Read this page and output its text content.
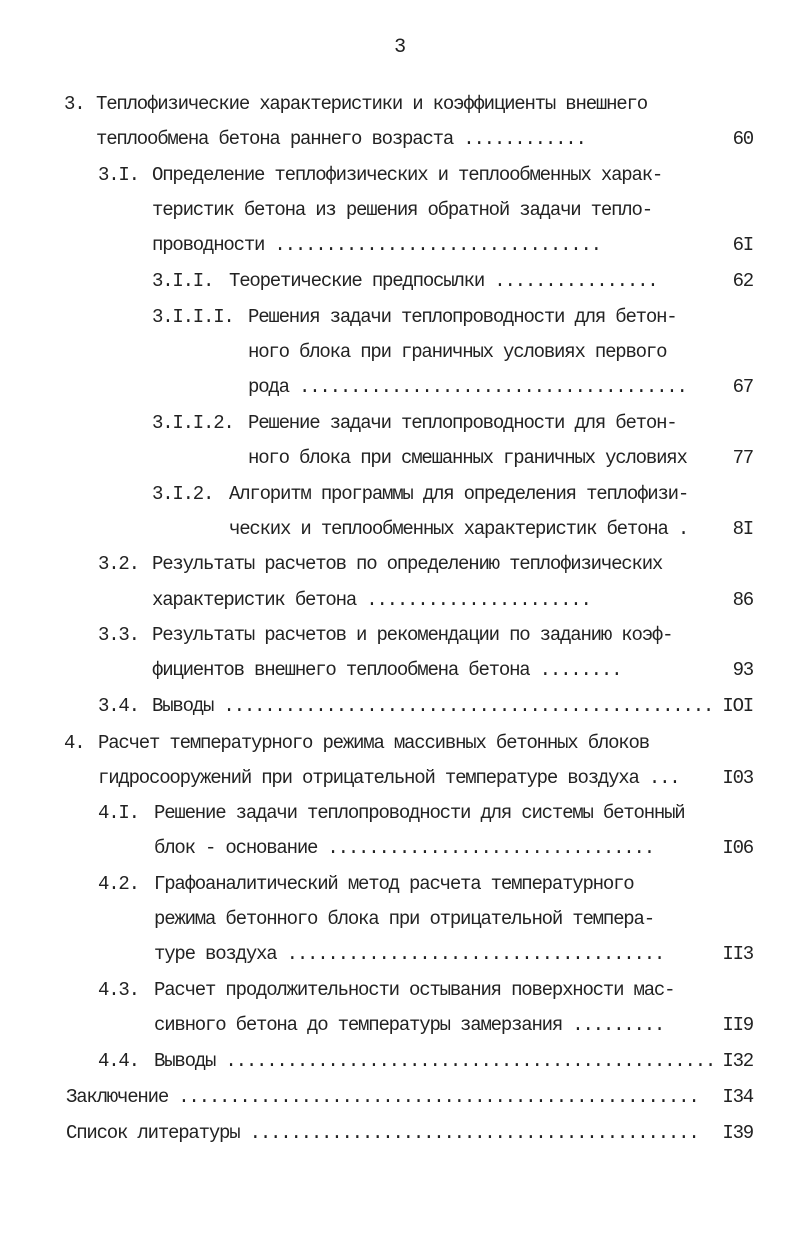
3
3. Теплофизические характеристики и коэффициенты внешнего
теплообмена бетона раннего возраста ............	60
3.I. Определение теплофизических и теплообменных харак-
теристик бетона из решения обратной задачи тепло-
проводности ................................	6I
3.I.I. Теоретические предпосылки ................	62
3.I.I.I. Решения задачи теплопроводности для бетон-
ного блока при граничных условиях первого
рода ...................................... 67
3.I.I.2. Решение задачи теплопроводности для бетон-
ного блока при смешанных граничных условиях 77
3.I.2. Алгоритм программы для определения теплофизи-
ческих и теплообменных характеристик бетона . 8I
3.2. Результаты расчетов по определению теплофизических
характеристик бетона ......................	86
3.3. Результаты расчетов и рекомендации по заданию коэф-
фициентов внешнего теплообмена бетона ........	93
3.4. Выводы ................................................ IOI
4. Расчет температурного режима массивных бетонных блоков
гидросооружений при отрицательной температуре воздуха ... I03
4.I. Решение задачи теплопроводности для системы бетонный
блок - основание ................................	I06
4.2. Графоаналитический метод расчета температурного
режима бетонного блока при отрицательной темпера-
туре воздуха .....................................	II3
4.3. Расчет продолжительности остывания поверхности мас-
сивного бетона до температуры замерзания .........	II9
4.4. Выводы ................................................ I32
Заключение ................................................... I34
Список литературы ............................................ I39
